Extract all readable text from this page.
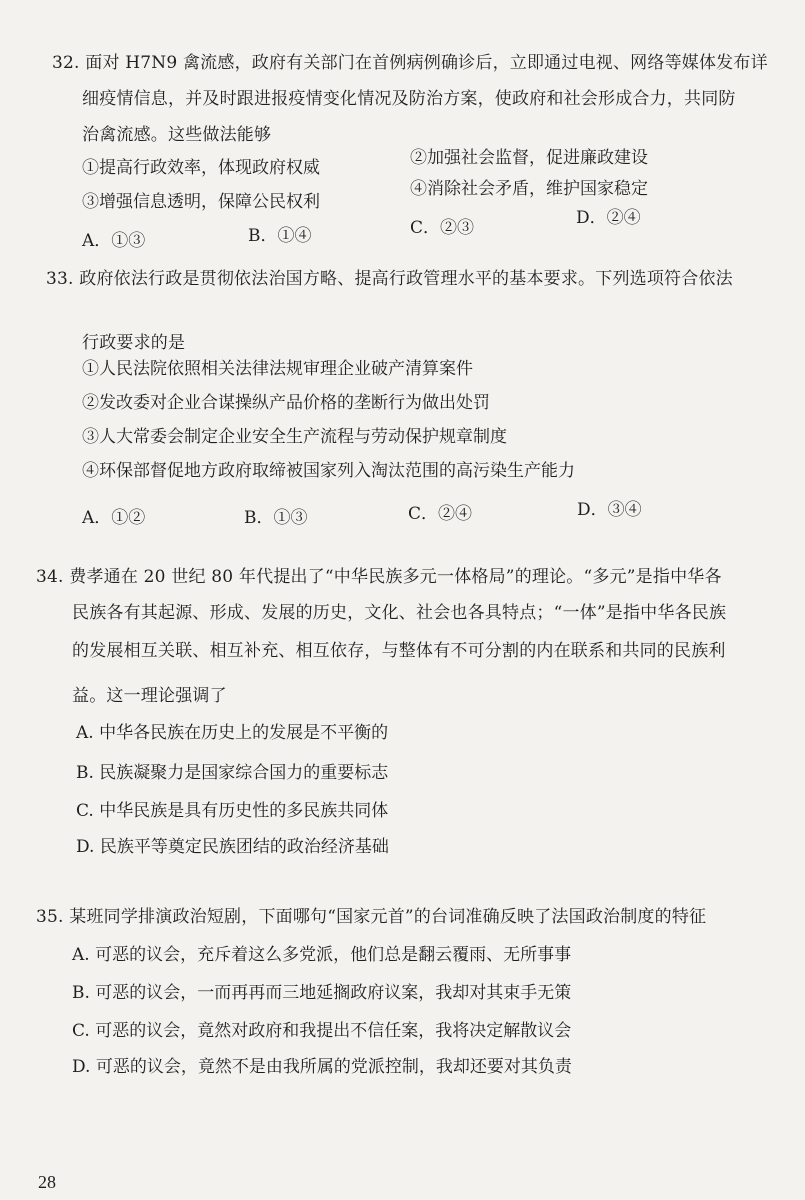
32. 面对 H7N9 禽流感，政府有关部门在首例病例确诊后，立即通过电视、网络等媒体发布详
细疫情信息，并及时跟进报疫情变化情况及防治方案，使政府和社会形成合力，共同防
治禽流感。这些做法能够
①提高行政效率，体现政府权威	②加强社会监督，促进廉政建设
③增强信息透明，保障公民权利
④消除社会矛盾，维护国家稳定
A．①③	B．①④	C．②③	D．②④
33. 政府依法行政是贯彻依法治国方略、提高行政管理水平的基本要求。下列选项符合依法
行政要求的是
①人民法院依照相关法律法规审理企业破产清算案件
②发改委对企业合谋操纵产品价格的垄断行为做出处罚
③人大常委会制定企业安全生产流程与劳动保护规章制度
④环保部督促地方政府取缔被国家列入淘汰范围的高污染生产能力
A．①②	B．①③	C．②④	D．③④
34. 费孝通在 20 世纪 80 年代提出了“中华民族多元一体格局”的理论。“多元”是指中华各
民族各有其起源、形成、发展的历史，文化、社会也各具特点；“一体”是指中华各民族
的发展相互关联、相互补充、相互依存，与整体有不可分割的内在联系和共同的民族利
益。这一理论强调了
A. 中华各民族在历史上的发展是不平衡的
B. 民族凝聚力是国家综合国力的重要标志
C. 中华民族是具有历史性的多民族共同体
D. 民族平等奠定民族团结的政治经济基础
35. 某班同学排演政治短剧，下面哪句“国家元首”的台词准确反映了法国政治制度的特征
A. 可恶的议会，充斥着这么多党派，他们总是翻云覆雨、无所事事
B. 可恶的议会，一而再再而三地延搁政府议案，我却对其束手无策
C. 可恶的议会，竟然对政府和我提出不信任案，我将决定解散议会
D. 可恶的议会，竟然不是由我所属的党派控制，我却还要对其负责
28
